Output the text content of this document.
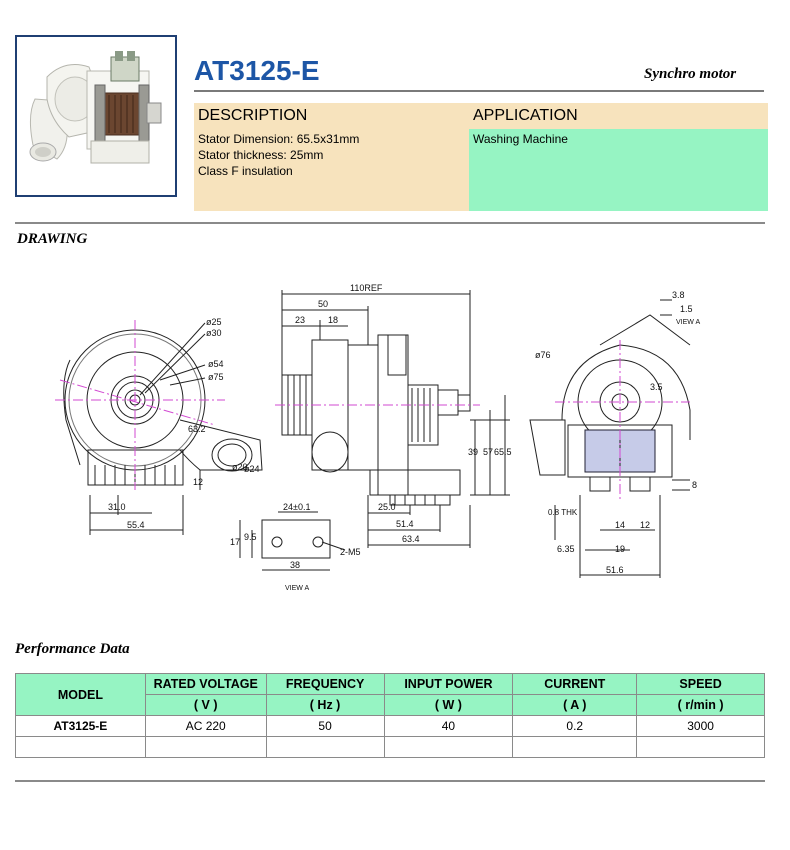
AT3125-E	Synchro motor
DESCRIPTION
Stator Dimension: 65.5x31mm
Stator thickness: 25mm
Class F insulation
APPLICATION
Washing Machine
DRAWING
ø25
ø30
ø54
ø75
63.2
ø20
ø24
12
31.0
55.4
110REF
50
23	18
39 57 65.5
25.0
51.4
63.4
24±0.1
17 9.5
38
2-M5
VIEW A
3.8
1.5
VIEW A
ø76
3.5
8
0.8 THK
14 12
6.35	19
51.6
Performance Data
MODEL	RATED VOLTAGE	FREQUENCY	INPUT POWER	CURRENT	SPEED
	( V )	( Hz )	( W )	( A )	( r/min )
AT3125-E	AC 220	50	40	0.2	3000
